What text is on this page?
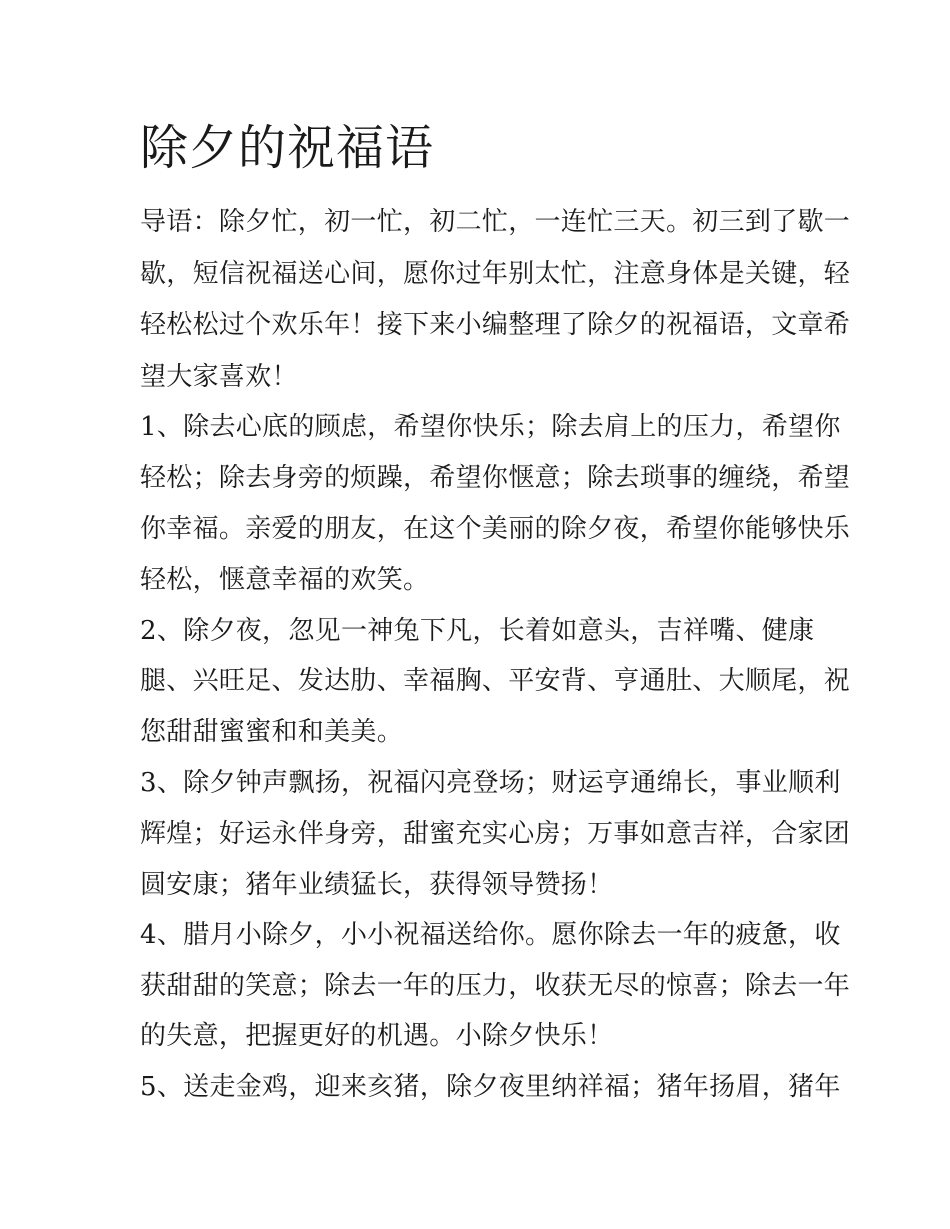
除夕的祝福语
导语：除夕忙，初一忙，初二忙，一连忙三天。初三到了歇一
歇，短信祝福送心间，愿你过年别太忙，注意身体是关键，轻
轻松松过个欢乐年！接下来小编整理了除夕的祝福语，文章希
望大家喜欢！
1、除去心底的顾虑，希望你快乐；除去肩上的压力，希望你
轻松；除去身旁的烦躁，希望你惬意；除去琐事的缠绕，希望
你幸福。亲爱的朋友，在这个美丽的除夕夜，希望你能够快乐
轻松，惬意幸福的欢笑。
2、除夕夜，忽见一神兔下凡，长着如意头，吉祥嘴、健康
腿、兴旺足、发达肋、幸福胸、平安背、亨通肚、大顺尾，祝
您甜甜蜜蜜和和美美。
3、除夕钟声飘扬，祝福闪亮登场；财运亨通绵长，事业顺利
辉煌；好运永伴身旁，甜蜜充实心房；万事如意吉祥，合家团
圆安康；猪年业绩猛长，获得领导赞扬！
4、腊月小除夕，小小祝福送给你。愿你除去一年的疲惫，收
获甜甜的笑意；除去一年的压力，收获无尽的惊喜；除去一年
的失意，把握更好的机遇。小除夕快乐！
5、送走金鸡，迎来亥猪，除夕夜里纳祥福；猪年扬眉，猪年
